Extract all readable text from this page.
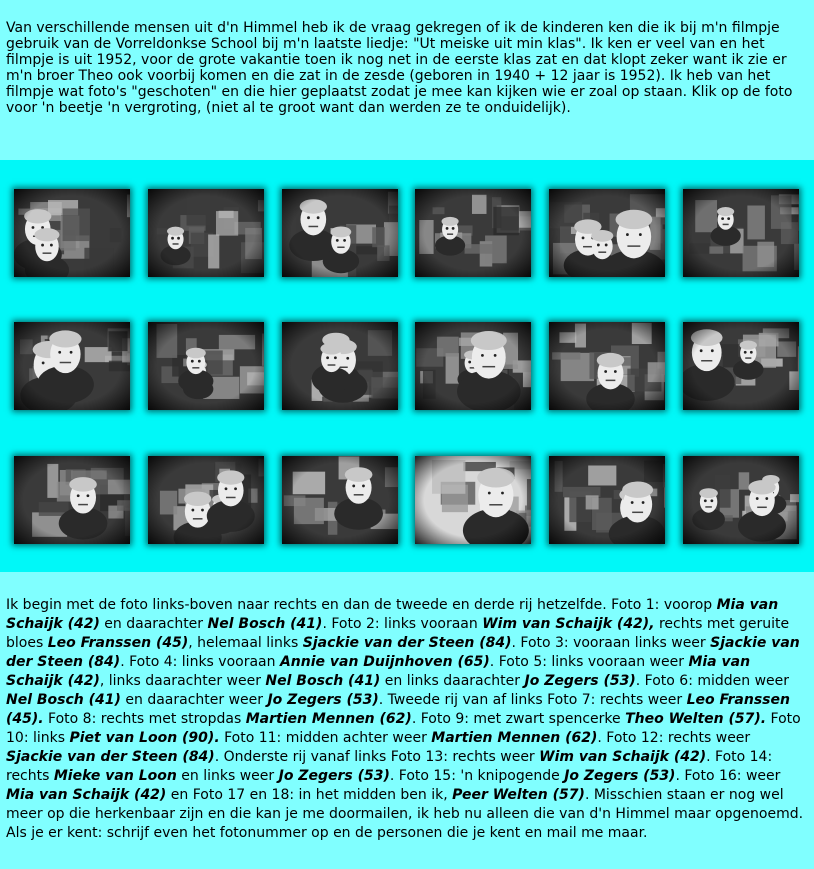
Van verschillende mensen uit d'n Himmel heb ik de vraag gekregen of ik de kinderen ken die ik bij m'n filmpje gebruik van de Vorreldonkse School bij m'n laatste liedje: "Ut meiske uit min klas". Ik ken er veel van en het filmpje is uit 1952, voor de grote vakantie toen ik nog net in de eerste klas zat en dat klopt zeker want ik zie er m'n broer Theo ook voorbij komen en die zat in de zesde (geboren in 1940 + 12 jaar is 1952). Ik heb van het filmpje wat foto's "geschoten" en die hier geplaatst zodat je mee kan kijken wie er zoal op staan. Klik op de foto voor 'n beetje 'n vergroting, (niet al te groot want dan werden ze te onduidelijk).
Ik begin met de foto links-boven naar rechts en dan de tweede en derde rij hetzelfde. Foto 1: voorop Mia van Schaijk (42) en daarachter Nel Bosch (41). Foto 2: links vooraan Wim van Schaijk (42), rechts met geruite bloes Leo Franssen (45), helemaal links Sjackie van der Steen (84). Foto 3: vooraan links weer Sjackie van der Steen (84). Foto 4: links vooraan Annie van Duijnhoven (65). Foto 5: links vooraan weer Mia van Schaijk (42), links daarachter weer Nel Bosch (41) en links daarachter Jo Zegers (53). Foto 6: midden weer Nel Bosch (41) en daarachter weer Jo Zegers (53). Tweede rij van af links Foto 7: rechts weer Leo Franssen (45). Foto 8: rechts met stropdas Martien Mennen (62). Foto 9: met zwart spencerke Theo Welten (57). Foto 10: links Piet van Loon (90). Foto 11: midden achter weer Martien Mennen (62). Foto 12: rechts weer Sjackie van der Steen (84). Onderste rij vanaf links Foto 13: rechts weer Wim van Schaijk (42). Foto 14: rechts Mieke van Loon en links weer Jo Zegers (53). Foto 15: 'n knipogende Jo Zegers (53). Foto 16: weer Mia van Schaijk (42) en Foto 17 en 18: in het midden ben ik, Peer Welten (57). Misschien staan er nog wel meer op die herkenbaar zijn en die kan je me doormailen, ik heb nu alleen die van d'n Himmel maar opgenoemd. Als je er kent: schrijf even het fotonummer op en de personen die je kent en mail me maar.
